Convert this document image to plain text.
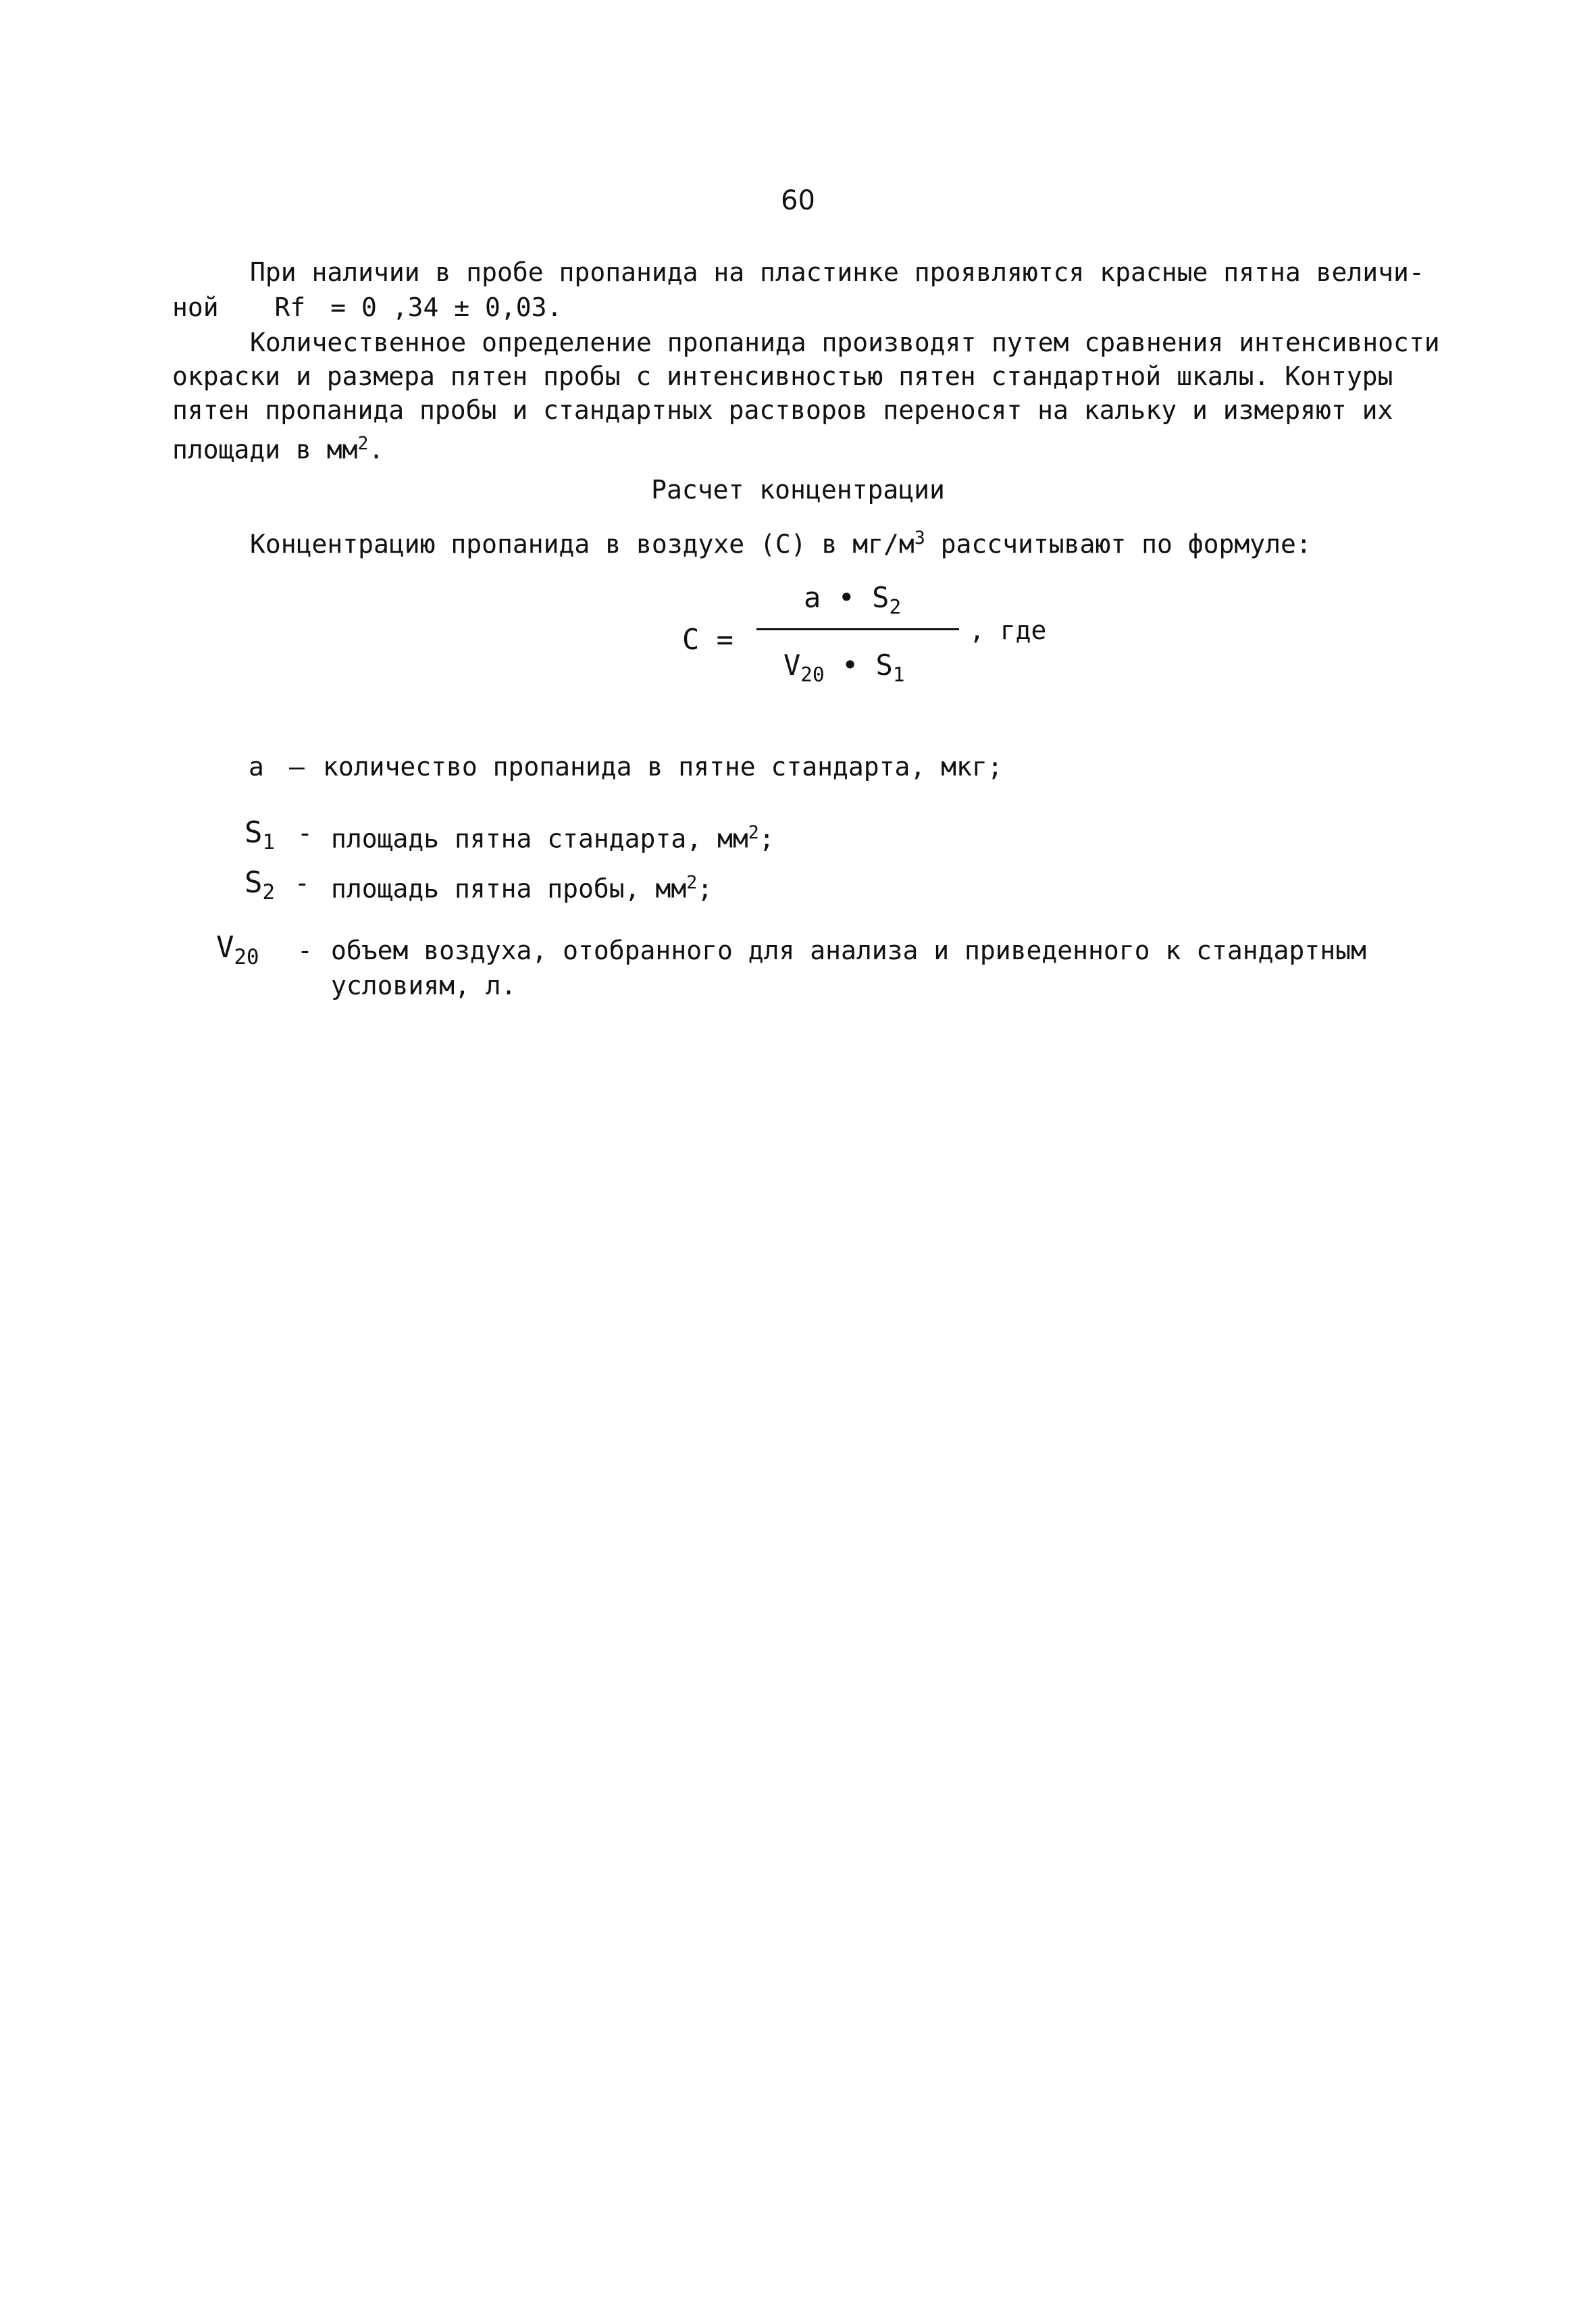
60
При наличии в пробе пропанида на пластинке проявляются красные пятна величи-
ной Rf = 0 ,34 ± 0,03.
Количественное определение пропанида производят путем сравнения интенсивности
окраски и размера пятен пробы с интенсивностью пятен стандартной шкалы. Контуры
пятен пропанида пробы и стандартных растворов переносят на кальку и измеряют их
площади в $мм^2$.
Расчет концентрации
Концентрацию пропанида в воздухе (С) в $мг/м^3$ рассчитывают по формуле:
C =
a • $S_2$
$V_{20}$ • $S_1$
, где
а – количество пропанида в пятне стандарта, мкг;
$S_1$ - площадь пятна стандарта, $мм^2$;
$S_2$ - площадь пятна пробы, $мм^2$;
$V_{20}$ - объем воздуха, отобранного для анализа и приведенного к стандартным
условиям, л.
